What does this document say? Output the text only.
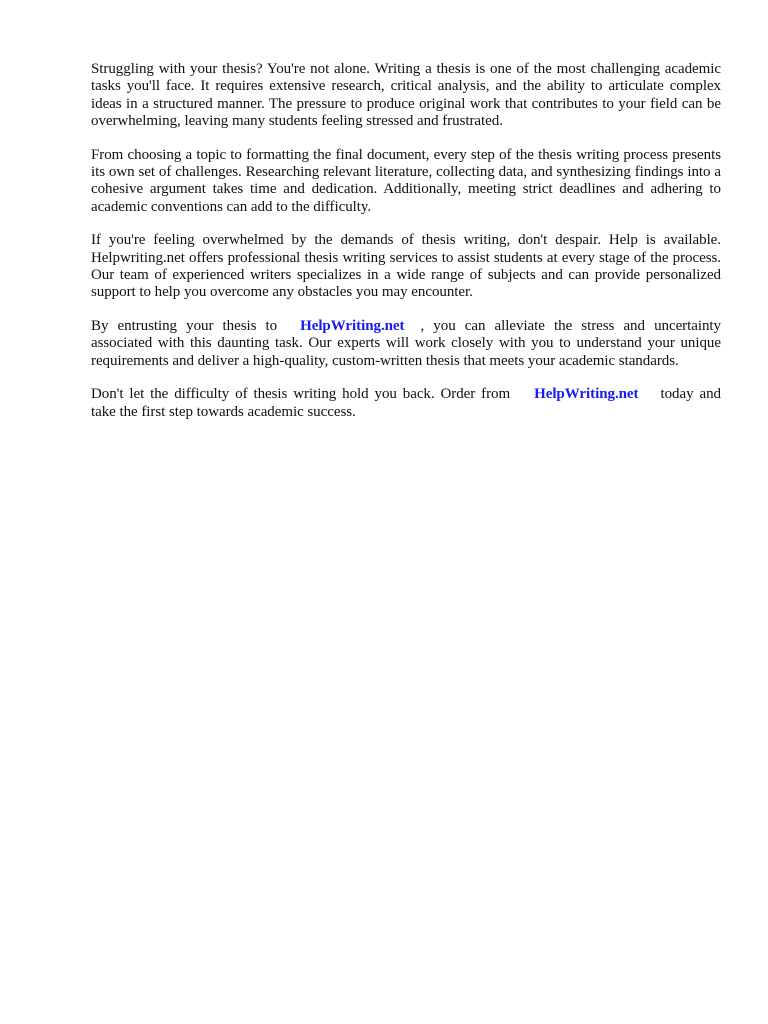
Struggling with your thesis? You're not alone. Writing a thesis is one of the most challenging academic tasks you'll face. It requires extensive research, critical analysis, and the ability to articulate complex ideas in a structured manner. The pressure to produce original work that contributes to your field can be overwhelming, leaving many students feeling stressed and frustrated.

From choosing a topic to formatting the final document, every step of the thesis writing process presents its own set of challenges. Researching relevant literature, collecting data, and synthesizing findings into a cohesive argument takes time and dedication. Additionally, meeting strict deadlines and adhering to academic conventions can add to the difficulty.

If you're feeling overwhelmed by the demands of thesis writing, don't despair. Help is available. Helpwriting.net offers professional thesis writing services to assist students at every stage of the process. Our team of experienced writers specializes in a wide range of subjects and can provide personalized support to help you overcome any obstacles you may encounter.

By entrusting your thesis to HelpWriting.net , you can alleviate the stress and uncertainty associated with this daunting task. Our experts will work closely with you to understand your unique requirements and deliver a high-quality, custom-written thesis that meets your academic standards.

Don't let the difficulty of thesis writing hold you back. Order from HelpWriting.net today and take the first step towards academic success.
